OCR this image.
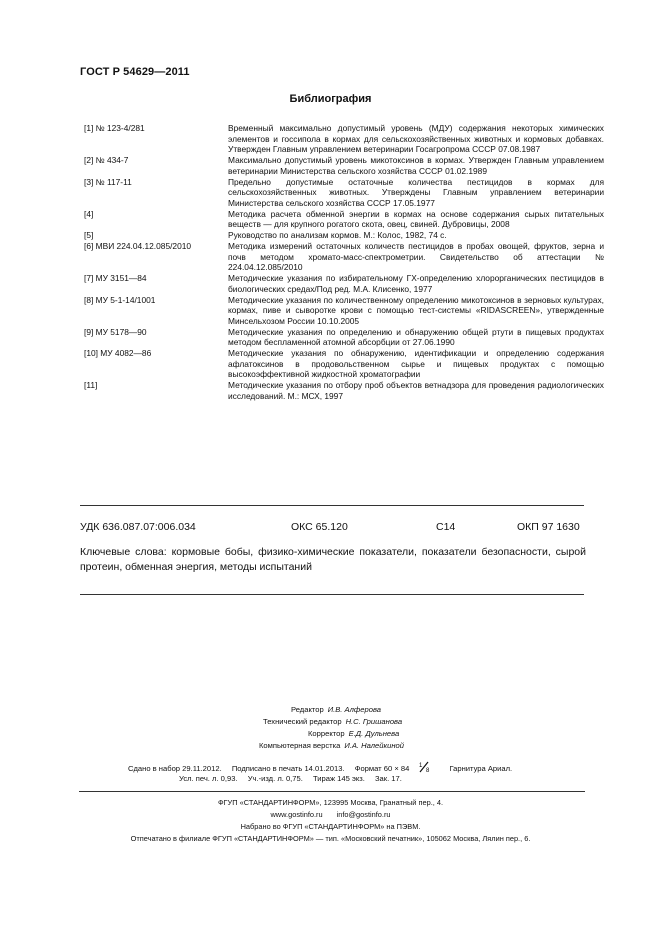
ГОСТ Р 54629—2011
Библиография
[1] № 123-4/281	Временный максимально допустимый уровень (МДУ) содержания некоторых химических элементов и госсипола в кормах для сельскохозяйственных животных и кормовых добавках. Утвержден Главным управлением ветеринарии Госагропрома СССР 07.08.1987
[2] № 434-7	Максимально допустимый уровень микотоксинов в кормах. Утвержден Главным управлением ветеринарии Министерства сельского хозяйства СССР 01.02.1989
[3] № 117-11	Предельно допустимые остаточные количества пестицидов в кормах для сельскохозяйственных животных. Утверждены Главным управлением ветеринарии Министерства сельского хозяйства СССР 17.05.1977
[4]	Методика расчета обменной энергии в кормах на основе содержания сырых питательных веществ — для крупного рогатого скота, овец, свиней. Дубровицы, 2008
[5]	Руководство по анализам кормов. М.: Колос, 1982, 74 с.
[6] МВИ 224.04.12.085/2010	Методика измерений остаточных количеств пестицидов в пробах овощей, фруктов, зерна и почв методом хромато-масс-спектрометрии. Свидетельство об аттестации № 224.04.12.085/2010
[7] МУ 3151—84	Методические указания по избирательному ГХ-определению хлорорганических пестицидов в биологических средах/Под ред. М.А. Клисенко, 1977
[8] МУ 5-1-14/1001	Методические указания по количественному определению микотоксинов в зерновых культурах, кормах, пиве и сыворотке крови с помощью тест-системы «RIDASCREEN», утвержденные Минсельхозом России 10.10.2005
[9] МУ 5178—90	Методические указания по определению и обнаружению общей ртути в пищевых продуктах методом беспламенной атомной абсорбции от 27.06.1990
[10] МУ 4082—86	Методические указания по обнаружению, идентификации и определению содержания афлатоксинов в продовольственном сырье и пищевых продуктах с помощью высокоэффективной жидкостной хроматографии
[11]	Методические указания по отбору проб объектов ветнадзора для проведения радиологических исследований. М.: МСХ, 1997
УДК 636.087.07:006.034	ОКС 65.120	С14	ОКП 97 1630
Ключевые слова: кормовые бобы, физико-химические показатели, показатели безопасности, сырой протеин, обменная энергия, методы испытаний
Редактор И.В. Алферова
Технический редактор Н.С. Гришанова
Корректор Е.Д. Дульнева
Компьютерная верстка И.А. Налейкиной
Сдано в набор 29.11.2012. Подписано в печать 14.01.2013. Формат 60 × 84 1
8	Гарнитура Ариал.
Усл. печ. л. 0,93. Уч.-изд. л. 0,75. Тираж 145 экз. Зак. 17.
ФГУП «СТАНДАРТИНФОРМ», 123995 Москва, Гранатный пер., 4.
www.gostinfo.ru info@gostinfo.ru
Набрано во ФГУП «СТАНДАРТИНФОРМ» на ПЭВМ.
Отпечатано в филиале ФГУП «СТАНДАРТИНФОРМ» — тип. «Московский печатник», 105062 Москва, Лялин пер., 6.
